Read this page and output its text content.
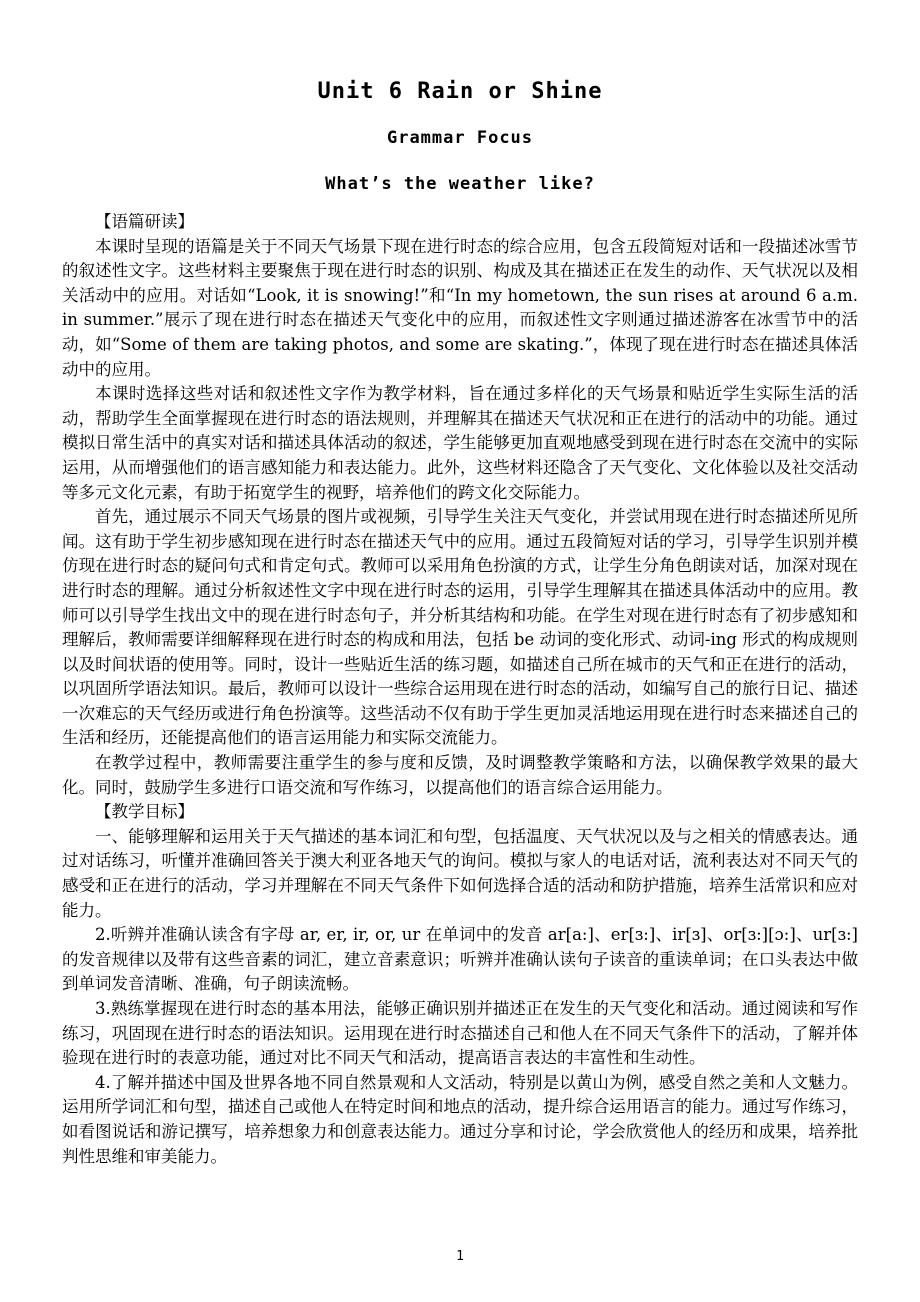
Unit 6 Rain or Shine
Grammar Focus
What’s the weather like?
【语篇研读】

本课时呈现的语篇是关于不同天气场景下现在进行时态的综合应用，包含五段简短对话和一段描述冰雪节的叙述性文字。这些材料主要聚焦于现在进行时态的识别、构成及其在描述正在发生的动作、天气状况以及相关活动中的应用。对话如“Look, it is snowing!”和“In my hometown, the sun rises at around 6 a.m. in summer.”展示了现在进行时态在描述天气变化中的应用，而叙述性文字则通过描述游客在冰雪节中的活动，如“Some of them are taking photos, and some are skating.”，体现了现在进行时态在描述具体活动中的应用。

本课时选择这些对话和叙述性文字作为教学材料，旨在通过多样化的天气场景和贴近学生实际生活的活动，帮助学生全面掌握现在进行时态的语法规则，并理解其在描述天气状况和正在进行的活动中的功能。通过模拟日常生活中的真实对话和描述具体活动的叙述，学生能够更加直观地感受到现在进行时态在交流中的实际运用，从而增强他们的语言感知能力和表达能力。此外，这些材料还隐含了天气变化、文化体验以及社交活动等多元文化元素，有助于拓宽学生的视野，培养他们的跨文化交际能力。

首先，通过展示不同天气场景的图片或视频，引导学生关注天气变化，并尝试用现在进行时态描述所见所闻。这有助于学生初步感知现在进行时态在描述天气中的应用。通过五段简短对话的学习，引导学生识别并模仿现在进行时态的疑问句式和肯定句式。教师可以采用角色扮演的方式，让学生分角色朗读对话，加深对现在进行时态的理解。通过分析叙述性文字中现在进行时态的运用，引导学生理解其在描述具体活动中的应用。教师可以引导学生找出文中的现在进行时态句子，并分析其结构和功能。在学生对现在进行时态有了初步感知和理解后，教师需要详细解释现在进行时态的构成和用法，包括 be 动词的变化形式、动词-ing 形式的构成规则以及时间状语的使用等。同时，设计一些贴近生活的练习题，如描述自己所在城市的天气和正在进行的活动，以巩固所学语法知识。最后，教师可以设计一些综合运用现在进行时态的活动，如编写自己的旅行日记、描述一次难忘的天气经历或进行角色扮演等。这些活动不仅有助于学生更加灵活地运用现在进行时态来描述自己的生活和经历，还能提高他们的语言运用能力和实际交流能力。

在教学过程中，教师需要注重学生的参与度和反馈，及时调整教学策略和方法，以确保教学效果的最大化。同时，鼓励学生多进行口语交流和写作练习，以提高他们的语言综合运用能力。

【教学目标】

一、能够理解和运用关于天气描述的基本词汇和句型，包括温度、天气状况以及与之相关的情感表达。通过对话练习，听懂并准确回答关于澳大利亚各地天气的询问。模拟与家人的电话对话，流利表达对不同天气的感受和正在进行的活动，学习并理解在不同天气条件下如何选择合适的活动和防护措施，培养生活常识和应对能力。

2.听辨并准确认读含有字母 ar, er, ir, or, ur 在单词中的发音 ar[a:]、er[ɜ:]、ir[ɜ]、or[ɜ:][ɔ:]、ur[ɜ:]的发音规律以及带有这些音素的词汇，建立音素意识；听辨并准确认读句子读音的重读单词；在口头表达中做到单词发音清晰、准确，句子朗读流畅。

3.熟练掌握现在进行时态的基本用法，能够正确识别并描述正在发生的天气变化和活动。通过阅读和写作练习，巩固现在进行时态的语法知识。运用现在进行时态描述自己和他人在不同天气条件下的活动，了解并体验现在进行时的表意功能，通过对比不同天气和活动，提高语言表达的丰富性和生动性。

4.了解并描述中国及世界各地不同自然景观和人文活动，特别是以黄山为例，感受自然之美和人文魅力。运用所学词汇和句型，描述自己或他人在特定时间和地点的活动，提升综合运用语言的能力。通过写作练习，如看图说话和游记撰写，培养想象力和创意表达能力。通过分享和讨论，学会欣赏他人的经历和成果，培养批判性思维和审美能力。

1
